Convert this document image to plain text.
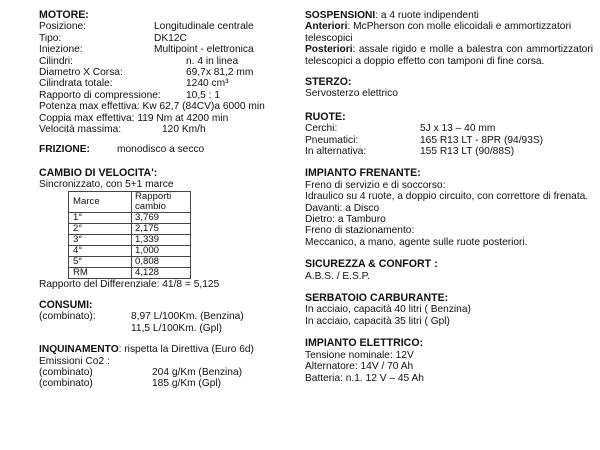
MOTORE:
Posizione:	Longitudinale centrale
Tipo:	DK12C
Iniezione:	Multipoint - elettronica
Cilindri:	n. 4 in linea
Diametro X Corsa:	69,7x 81,2 mm
Cilindrata totale:	1240 cm³
Rapporto di compressione: 10,5 : 1
Potenza max effettiva: Kw 62,7 (84CV)a 6000 min
Coppia max effettiva: 119 Nm at 4200 min
Velocità massima:	120 Km/h
FRIZIONE:	monodisco a secco
CAMBIO DI VELOCITA':
Sincronizzato, con 5+1 marce
Marce	Rapporti
cambio

1°	3,769
2°	2,175
3°	1,339
4°	1,000
5°	0,808
RM	4,128
Rapporto del Differenziale: 41/8 = 5,125
CONSUMI:
(combinato):	8,97 L/100Km. (Benzina)
11,5 L/100Km. (Gpl)
INQUINAMENTO: rispetta la Direttiva (Euro 6d)
Emissioni Co2 :
(combinato)	204 g/Km (Benzina)
(combinato)	185 g/Km (Gpl)
SOSPENSIONI: a 4 ruote indipendenti
Anteriori: McPherson con molle elicoidali e ammortizzatori telescopici
Posteriori: assale rigido e molle a balestra con ammortizzatori telescopici a doppio effetto con tamponi di fine corsa.
STERZO:
Servosterzo elettrico
RUOTE:
Cerchi:	5J x 13 – 40 mm
Pneumatici:	165 R13 LT - 8PR (94/93S)
In alternativa:	155 R13 LT (90/88S)
IMPIANTO FRENANTE:
Freno di servizio e di soccorso:
Idraulico su 4 ruote, a doppio circuito, con correttore di frenata.
Davanti: a Disco
Dietro: a Tamburo
Freno di stazionamento:
Meccanico, a mano, agente sulle ruote posteriori.
SICUREZZA & CONFORT :
A.B.S. / E.S.P.
SERBATOIO CARBURANTE:
In acciaio, capacità 40 litri ( Benzina)
In acciaio, capacità 35 litri ( Gpl)
IMPIANTO ELETTRICO:
Tensione nominale: 12V
Alternatore: 14V / 70 Ah
Batteria: n.1. 12 V – 45 Ah
